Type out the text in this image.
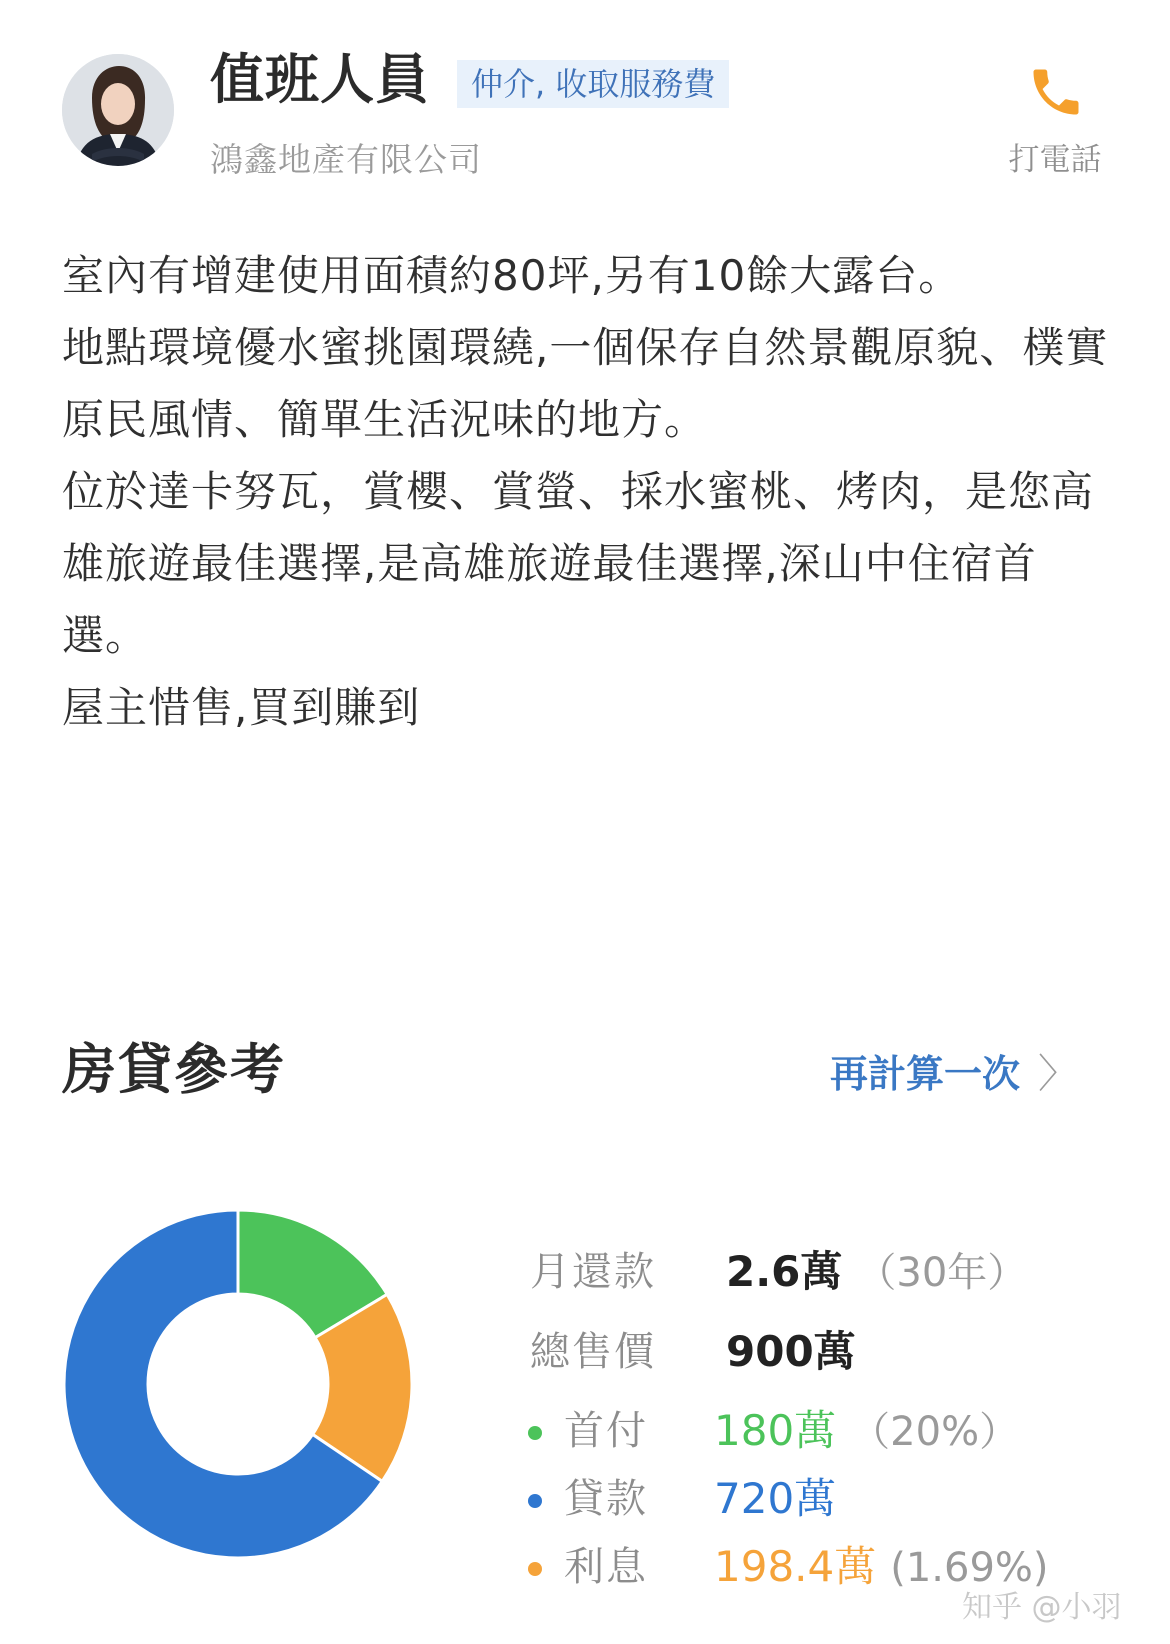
值班人員	仲介, 收取服務費
鴻鑫地產有限公司	打電話

室內有增建使用面積約80坪,另有10餘大露台。

地點環境優水蜜挑園環繞,一個保存自然景觀原貌、樸實原民風情、簡單生活況味的地方。

位於達卡努瓦，賞櫻、賞螢、採水蜜桃、烤肉，是您高雄旅遊最佳選擇,是高雄旅遊最佳選擇,深山中住宿首選。

屋主惜售,買到賺到

房貸參考	再計算一次 〉
月還款 2.6萬 （30年）
總售價 900萬
首付 180萬 （20%）
貸款 720萬
利息 198.4萬 (1.69%)
知乎 @小羽
